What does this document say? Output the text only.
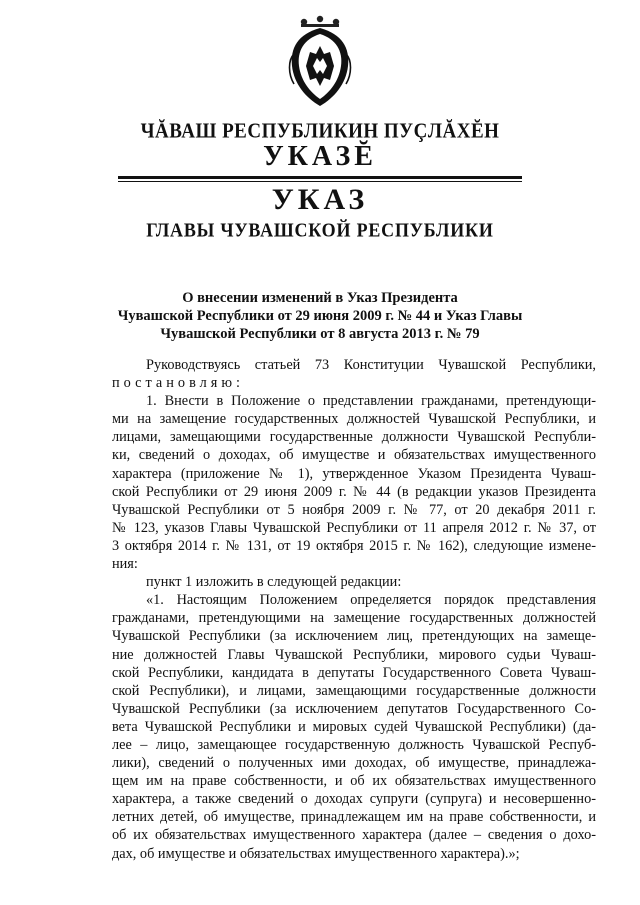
ЧĂВАШ РЕСПУБЛИКИН ПУÇЛĂХĔН
УКАЗĔ
УКАЗ
ГЛАВЫ ЧУВАШСКОЙ РЕСПУБЛИКИ
О внесении изменений в Указ Президента
Чувашской Республики от 29 июня 2009 г. № 44 и Указ Главы
Чувашской Республики от 8 августа 2013 г. № 79
Руководствуясь статьей 73 Конституции Чувашской Республики,
постановляю:
1. Внести в Положение о представлении гражданами, претендующи-
ми на замещение государственных должностей Чувашской Республики, и
лицами, замещающими государственные должности Чувашской Республи-
ки, сведений о доходах, об имуществе и обязательствах имущественного
характера (приложение № 1), утвержденное Указом Президента Чуваш-
ской Республики от 29 июня 2009 г. № 44 (в редакции указов Президента
Чувашской Республики от 5 ноября 2009 г. № 77, от 20 декабря 2011 г.
№ 123, указов Главы Чувашской Республики от 11 апреля 2012 г. № 37, от
3 октября 2014 г. № 131, от 19 октября 2015 г. № 162), следующие измене-
ния:
пункт 1 изложить в следующей редакции:
«1. Настоящим Положением определяется порядок представления
гражданами, претендующими на замещение государственных должностей
Чувашской Республики (за исключением лиц, претендующих на замеще-
ние должностей Главы Чувашской Республики, мирового судьи Чуваш-
ской Республики, кандидата в депутаты Государственного Совета Чуваш-
ской Республики), и лицами, замещающими государственные должности
Чувашской Республики (за исключением депутатов Государственного Со-
вета Чувашской Республики и мировых судей Чувашской Республики) (да-
лее – лицо, замещающее государственную должность Чувашской Респуб-
лики), сведений о полученных ими доходах, об имуществе, принадлежа-
щем им на праве собственности, и об их обязательствах имущественного
характера, а также сведений о доходах супруги (супруга) и несовершенно-
летних детей, об имуществе, принадлежащем им на праве собственности, и
об их обязательствах имущественного характера (далее – сведения о дохо-
дах, об имуществе и обязательствах имущественного характера).»;
